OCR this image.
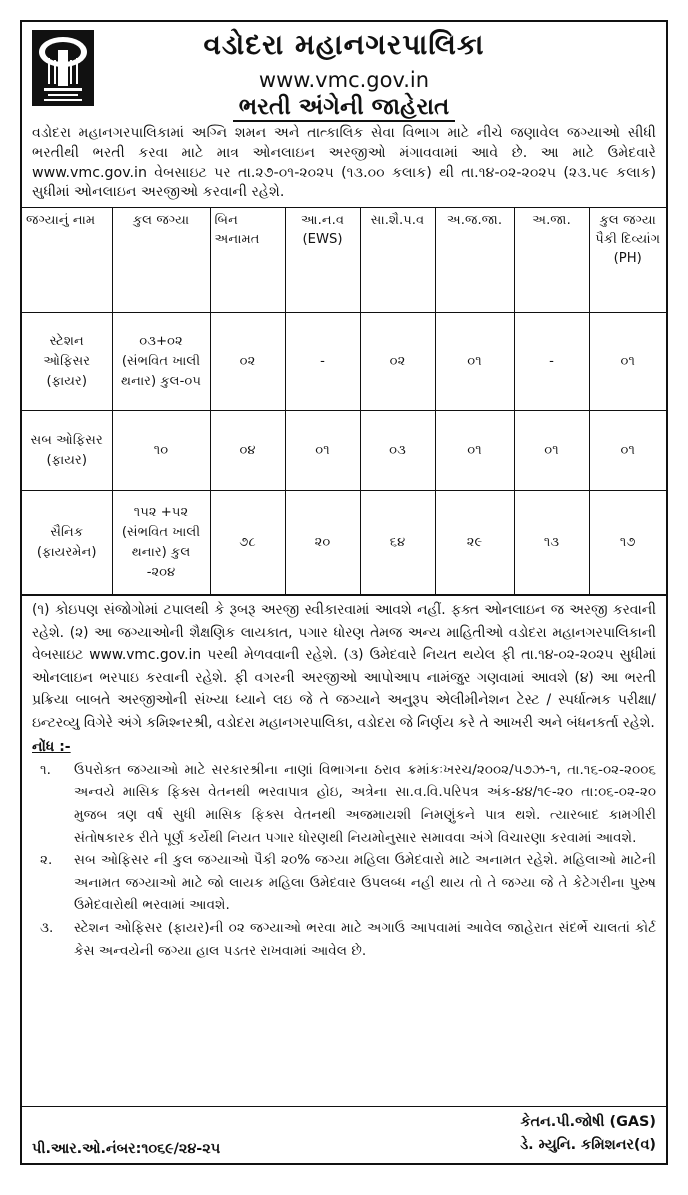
વડોદરા મહાનગરપાલિકા
www.vmc.gov.in
ભરતી અંગેની જાહેરાત
વડોદરા મહાનગરપાલિકામાં અગ્નિ શમન અને તાત્કાલિક સેવા વિભાગ માટે નીચે જણાવેલ જગ્યાઓ સીધી ભરતીથી ભરતી કરવા માટે માત્ર ઓનલાઇન અરજીઓ મંગાવવામાં આવે છે. આ માટે ઉમેદવારે www.vmc.gov.in વેબસાઇટ પર તા.૨૭-૦૧-૨૦૨૫ (૧૩.૦૦ કલાક) થી તા.૧૪-૦૨-૨૦૨૫ (૨૩.૫૯ કલાક) સુધીમાં ઓનલાઇન અરજીઓ કરવાની રહેશે.
જગ્યાનું નામ	કુલ જગ્યા	બિન અનામત	આ.ન.વ (EWS)	સા.શૈ.પ.વ	અ.જ.જા.	અ.જા.	કુલ જગ્યા પૈકી દિવ્યાંગ (PH)
સ્ટેશન ઓફિસર (ફાયર)	૦૩+૦૨ (સંભવિત ખાલી થનાર) કુલ-૦૫	૦૨	-	૦૨	૦૧	-	૦૧
સબ ઓફિસર (ફાયર)	૧૦	૦૪	૦૧	૦૩	૦૧	૦૧	૦૧
સૈનિક (ફાયરમેન)	૧૫૨ +૫૨ (સંભવિત ખાલી થનાર) કુલ -૨૦૪	૭૮	૨૦	૬૪	૨૯	૧૩	૧૭
(૧) કોઇપણ સંજોગોમાં ટપાલથી કે રૂબરૂ અરજી સ્વીકારવામાં આવશે નહીં. ફક્ત ઓનલાઇન જ અરજી કરવાની રહેશે. (૨) આ જગ્યાઓની શૈક્ષણિક લાયકાત, પગાર ધોરણ તેમજ અન્ય માહિતીઓ વડોદરા મહાનગરપાલિકાની વેબસાઇટ www.vmc.gov.in પરથી મેળવવાની રહેશે. (૩) ઉમેદવારે નિયત થયેલ ફી તા.૧૪-૦૨-૨૦૨૫ સુધીમાં ઓનલાઇન ભરપાઇ કરવાની રહેશે. ફી વગરની અરજીઓ આપોઆપ નામંજુર ગણવામાં આવશે (૪) આ ભરતી પ્રક્રિયા બાબતે અરજીઓની સંખ્યા ધ્યાને લઇ જે તે જગ્યાને અનુરૂપ એલીમીનેશન ટેસ્ટ / સ્પર્ધાત્મક પરીક્ષા/ઇન્ટરવ્યુ વિગેરે અંગે કમિશ્નરશ્રી, વડોદરા મહાનગરપાલિકા, વડોદરા જે નિર્ણય કરે તે આખરી અને બંધનકર્તા રહેશે.
નોંધ :-
૧.	ઉપરોક્ત જગ્યાઓ માટે સરકારશ્રીના નાણાં વિભાગના ઠરાવ ક્રમાંકઃખરચ/૨૦૦૨/૫૭ઝ-૧, તા.૧૬-૦૨-૨૦૦૬ અન્વયે માસિક ફિક્સ વેતનથી ભરવાપાત્ર હોઇ, અત્રેના સા.વ.વિ.પરિપત્ર અંક-૪૪/૧૯-૨૦ તા:૦૬-૦૨-૨૦ મુજબ ત્રણ વર્ષ સુધી માસિક ફિક્સ વેતનથી અજમાયશી નિમણુંકને પાત્ર થશે. ત્યારબાદ કામગીરી સંતોષકારક રીતે પૂર્ણ કર્યેથી નિયત પગાર ધોરણથી નિયમોનુસાર સમાવવા અંગે વિચારણા કરવામાં આવશે.
૨.	સબ ઓફિસર ની કુલ જગ્યાઓ પૈકી ૨૦% જગ્યા મહિલા ઉમેદવારો માટે અનામત રહેશે. મહિલાઓ માટેની અનામત જગ્યાઓ માટે જો લાયક મહિલા ઉમેદવાર ઉપલબ્ધ નહી થાય તો તે જગ્યા જે તે કેટેગરીના પુરુષ ઉમેદવારોથી ભરવામાં આવશે.
૩.	સ્ટેશન ઓફિસર (ફાયર)ની ૦૨ જગ્યાઓ ભરવા માટે અગાઉ આપવામાં આવેલ જાહેરાત સંદર્ભે ચાલતાં કોર્ટ કેસ અન્વયેની જગ્યા હાલ પડતર રાખવામાં આવેલ છે.
કેતન.પી.જોષી (GAS)
ડે. મ્યુનિ. કમિશનર(વ)
પી.આર.ઓ.નંબર:૧૦૬૯/૨૪-૨૫
